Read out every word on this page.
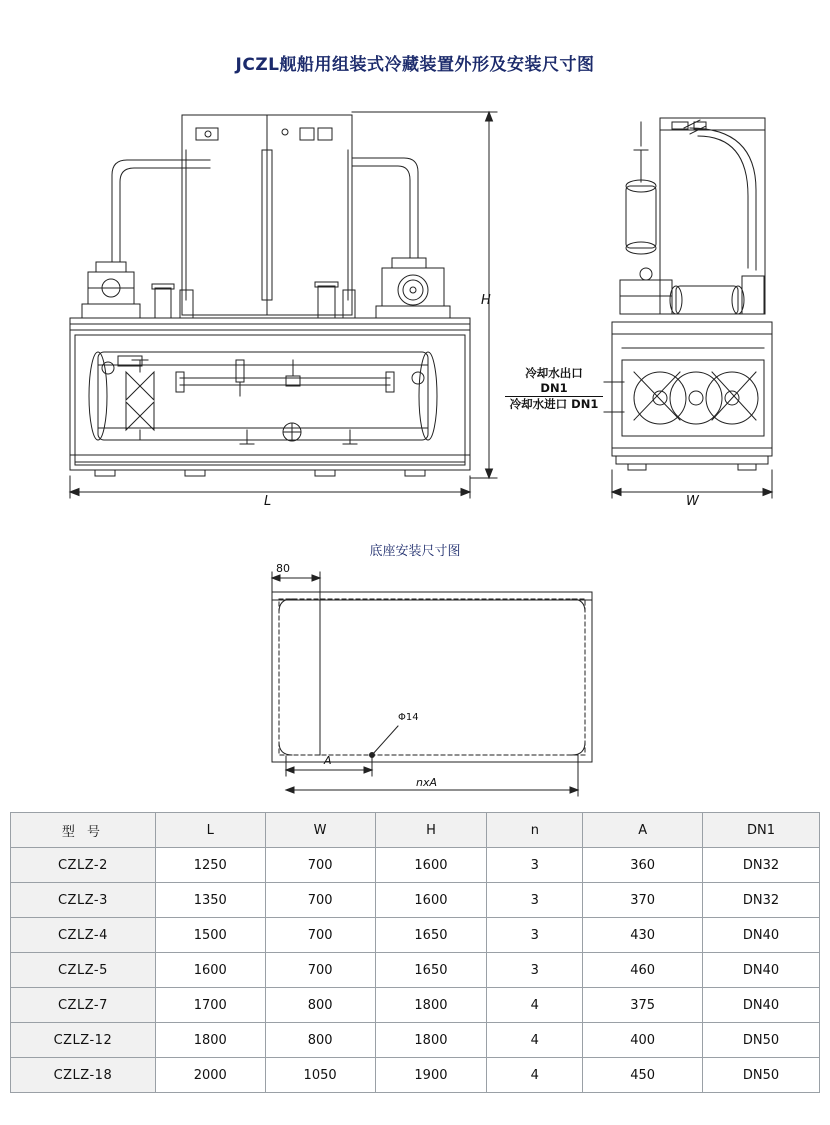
JCZL舰船用组装式冷藏装置外形及安装尺寸图
H
L	W
冷却水出口
DN1
冷却水进口 DN1
底座安装尺寸图
80
Φ14
A
nxA
型 号	L	W	H	n	A	DN1
CZLZ-2	1250	700	1600	3	360	DN32
CZLZ-3	1350	700	1600	3	370	DN32
CZLZ-4	1500	700	1650	3	430	DN40
CZLZ-5	1600	700	1650	3	460	DN40
CZLZ-7	1700	800	1800	4	375	DN40
CZLZ-12	1800	800	1800	4	400	DN50
CZLZ-18	2000	1050	1900	4	450	DN50
